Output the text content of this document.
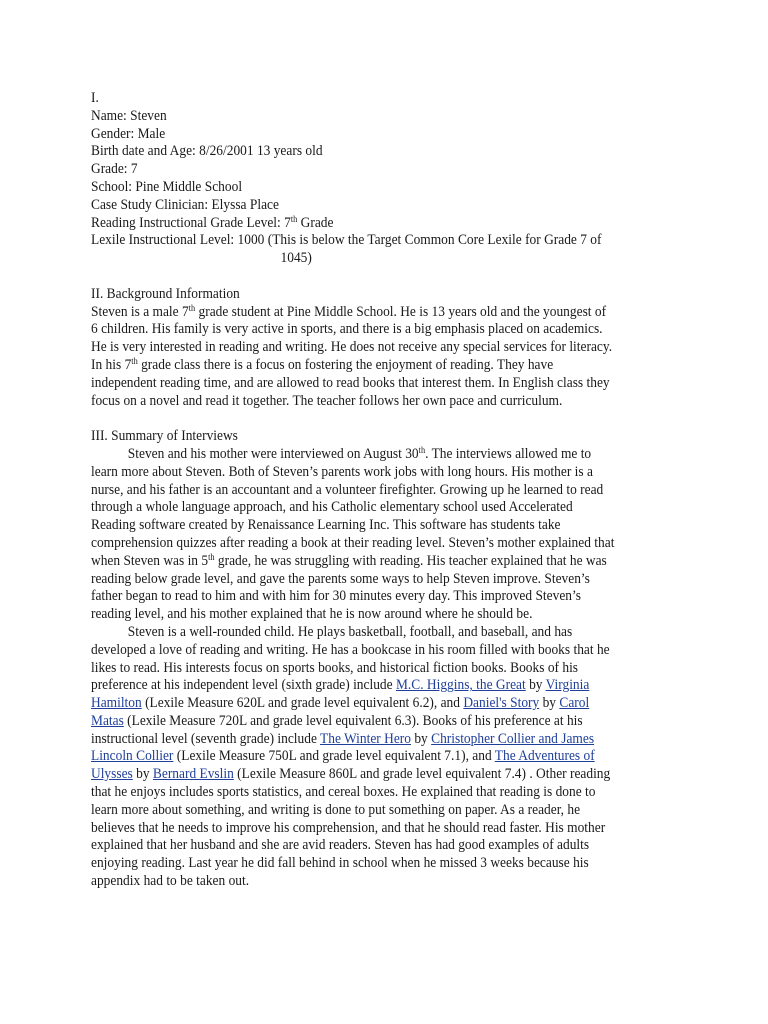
I.
Name: Steven
Gender: Male
Birth date and Age: 8/26/2001 13 years old
Grade: 7
School: Pine Middle School
Case Study Clinician: Elyssa Place
Reading Instructional Grade Level: 7th Grade
Lexile Instructional Level: 1000 (This is below the Target Common Core Lexile for Grade 7 of
1045)
II. Background Information
Steven is a male 7th grade student at Pine Middle School. He is 13 years old and the youngest of
6 children. His family is very active in sports, and there is a big emphasis placed on academics.
He is very interested in reading and writing. He does not receive any special services for literacy.
In his 7th grade class there is a focus on fostering the enjoyment of reading. They have
independent reading time, and are allowed to read books that interest them. In English class they
focus on a novel and read it together. The teacher follows her own pace and curriculum.
III. Summary of Interviews
Steven and his mother were interviewed on August 30th. The interviews allowed me to
learn more about Steven. Both of Steven’s parents work jobs with long hours. His mother is a
nurse, and his father is an accountant and a volunteer firefighter. Growing up he learned to read
through a whole language approach, and his Catholic elementary school used Accelerated
Reading software created by Renaissance Learning Inc. This software has students take
comprehension quizzes after reading a book at their reading level. Steven’s mother explained that
when Steven was in 5th grade, he was struggling with reading. His teacher explained that he was
reading below grade level, and gave the parents some ways to help Steven improve. Steven’s
father began to read to him and with him for 30 minutes every day. This improved Steven’s
reading level, and his mother explained that he is now around where he should be.
Steven is a well-rounded child. He plays basketball, football, and baseball, and has
developed a love of reading and writing. He has a bookcase in his room filled with books that he
likes to read. His interests focus on sports books, and historical fiction books. Books of his
preference at his independent level (sixth grade) include M.C. Higgins, the Great by Virginia
Hamilton (Lexile Measure 620L and grade level equivalent 6.2), and Daniel's Story by Carol
Matas (Lexile Measure 720L and grade level equivalent 6.3). Books of his preference at his
instructional level (seventh grade) include The Winter Hero by Christopher Collier and James
Lincoln Collier (Lexile Measure 750L and grade level equivalent 7.1), and The Adventures of
Ulysses by Bernard Evslin (Lexile Measure 860L and grade level equivalent 7.4) . Other reading
that he enjoys includes sports statistics, and cereal boxes. He explained that reading is done to
learn more about something, and writing is done to put something on paper. As a reader, he
believes that he needs to improve his comprehension, and that he should read faster. His mother
explained that her husband and she are avid readers. Steven has had good examples of adults
enjoying reading. Last year he did fall behind in school when he missed 3 weeks because his
appendix had to be taken out.
